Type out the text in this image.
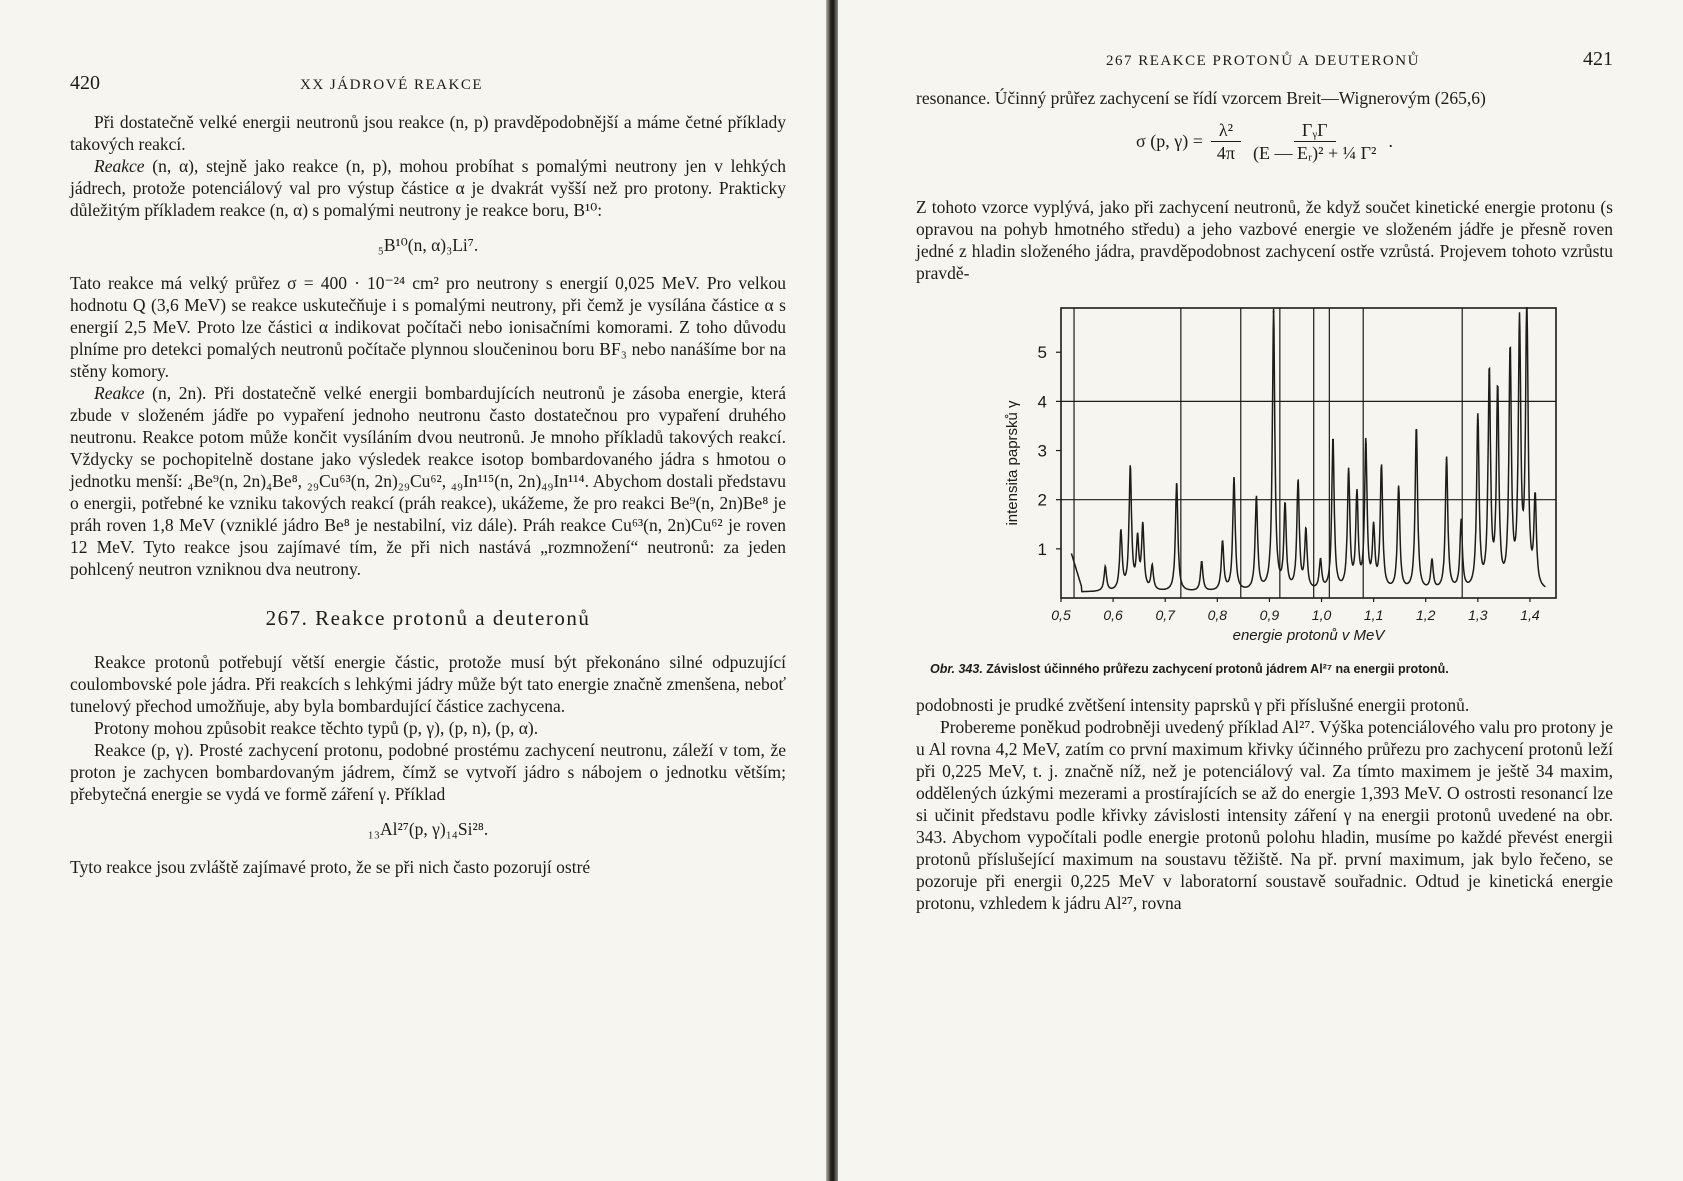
420	XX JÁDROVÉ REAKCE

Při dostatečně velké energii neutronů jsou reakce (n, p) pravděpodobnější a máme četné příklady takových reakcí.

Reakce (n, α), stejně jako reakce (n, p), mohou probíhat s pomalými neutrony jen v lehkých jádrech, protože potenciálový val pro výstup částice α je dvakrát vyšší než pro protony. Prakticky důležitým příkladem reakce (n, α) s pomalými neutrony je reakce boru, B¹⁰:

₅B¹⁰(n, α)₃Li⁷.

Tato reakce má velký průřez σ = 400 · 10⁻²⁴ cm² pro neutrony s energií 0,025 MeV. Pro velkou hodnotu Q (3,6 MeV) se reakce uskutečňuje i s pomalými neutrony, při čemž je vysílána částice α s energií 2,5 MeV. Proto lze částici α indikovat počítači nebo ionisačními komorami. Z toho důvodu plníme pro detekci pomalých neutronů počítače plynnou sloučeninou boru BF₃ nebo nanášíme bor na stěny komory.

Reakce (n, 2n). Při dostatečně velké energii bombardujících neutronů je zásoba energie, která zbude v složeném jádře po vypaření jednoho neutronu často dostatečnou pro vypaření druhého neutronu. Reakce potom může končit vysíláním dvou neutronů. Je mnoho příkladů takových reakcí. Vždycky se pochopitelně dostane jako výsledek reakce isotop bombardovaného jádra s hmotou o jednotku menší: ₄Be⁹(n, 2n)₄Be⁸, ₂₉Cu⁶³(n, 2n)₂₉Cu⁶², ₄₉In¹¹⁵(n, 2n)₄₉In¹¹⁴. Abychom dostali představu o energii, potřebné ke vzniku takových reakcí (práh reakce), ukážeme, že pro reakci Be⁹(n, 2n)Be⁸ je práh roven 1,8 MeV (vzniklé jádro Be⁸ je nestabilní, viz dále). Práh reakce Cu⁶³(n, 2n)Cu⁶² je roven 12 MeV. Tyto reakce jsou zajímavé tím, že při nich nastává „rozmnožení“ neutronů: za jeden pohlcený neutron vzniknou dva neutrony.

267. Reakce protonů a deuteronů

Reakce protonů potřebují větší energie částic, protože musí být překonáno silné odpuzující coulombovské pole jádra. Při reakcích s lehkými jádry může být tato energie značně zmenšena, neboť tunelový přechod umožňuje, aby byla bombardující částice zachycena.

Protony mohou způsobit reakce těchto typů (p, γ), (p, n), (p, α).

Reakce (p, γ). Prosté zachycení protonu, podobné prostému zachycení neutronu, záleží v tom, že proton je zachycen bombardovaným jádrem, čímž se vytvoří jádro s nábojem o jednotku větším; přebytečná energie se vydá ve formě záření γ. Příklad

₁₃Al²⁷(p, γ)₁₄Si²⁸.

Tyto reakce jsou zvláště zajímavé proto, že se při nich často pozorují ostré

267 REAKCE PROTONŮ A DEUTERONŮ	421

resonance. Účinný průřez zachycení se řídí vzorcem Breit—Wignerovým (265,6)

σ (p, $\gamma) = \frac{\text{λ²}}{4\pi} \frac{\text{ΓᵧΓ}}{\text{(E — Eᵣ)² + ¼ Γ²}}$ .

Z tohoto vzorce vyplývá, jako při zachycení neutronů, že když součet kinetické energie protonu (s opravou na pohyb hmotného středu) a jeho vazbové energie ve složeném jádře je přesně roven jedné z hladin složeného jádra, pravděpodobnost zachycení ostře vzrůstá. Projevem tohoto vzrůstu pravdě-

1
2
3
4
5
0,5 0,6 0,7 0,8 0,9 1,0 1,1 1,2 1,3 1,4
energie protonů v MeV
intensita paprsků γ
Obr. 343. Závislost účinného průřezu zachycení protonů jádrem Al²⁷ na energii protonů.

podobnosti je prudké zvětšení intensity paprsků γ při příslušné energii protonů.

Probereme poněkud podrobněji uvedený příklad Al²⁷. Výška potenciálového valu pro protony je u Al rovna 4,2 MeV, zatím co první maximum křivky účinného průřezu pro zachycení protonů leží při 0,225 MeV, t. j. značně níž, než je potenciálový val. Za tímto maximem je ještě 34 maxim, oddělených úzkými mezerami a prostírajících se až do energie 1,393 MeV. O ostrosti resonancí lze si učinit představu podle křivky závislosti intensity záření γ na energii protonů uvedené na obr. 343. Abychom vypočítali podle energie protonů polohu hladin, musíme po každé převést energii protonů příslušející maximum na soustavu těžiště. Na př. první maximum, jak bylo řečeno, se pozoruje při energii 0,225 MeV v laboratorní soustavě souřadnic. Odtud je kinetická energie protonu, vzhledem k jádru Al²⁷, rovna
